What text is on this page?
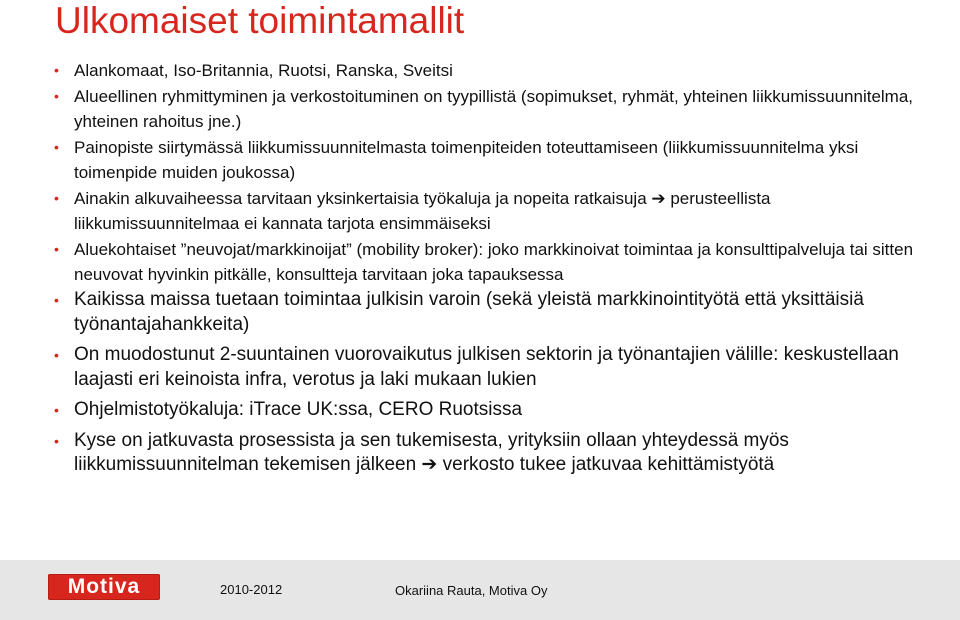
Ulkomaiset toimintamallit
• Alankomaat, Iso-Britannia, Ruotsi, Ranska, Sveitsi
• Alueellinen ryhmittyminen ja verkostoituminen on tyypillistä (sopimukset, ryhmät, yhteinen liikkumissuunnitelma, yhteinen rahoitus jne.)
• Painopiste siirtymässä liikkumissuunnitelmasta toimenpiteiden toteuttamiseen (liikkumissuunnitelma yksi toimenpide muiden joukossa)
• Ainakin alkuvaiheessa tarvitaan yksinkertaisia työkaluja ja nopeita ratkaisuja ➔ perusteellista liikkumissuunnitelmaa ei kannata tarjota ensimmäiseksi
• Aluekohtaiset ”neuvojat/markkinoijat” (mobility broker): joko markkinoivat toimintaa ja konsulttipalveluja tai sitten neuvovat hyvinkin pitkälle, konsultteja tarvitaan joka tapauksessa
• Kaikissa maissa tuetaan toimintaa julkisin varoin (sekä yleistä markkinointityötä että yksittäisiä työnantajahankkeita)
• On muodostunut 2-suuntainen vuorovaikutus julkisen sektorin ja työnantajien välille: keskustellaan laajasti eri keinoista infra, verotus ja laki mukaan lukien
• Ohjelmistotyökaluja: iTrace UK:ssa, CERO Ruotsissa
• Kyse on jatkuvasta prosessista ja sen tukemisesta, yrityksiin ollaan yhteydessä myös liikkumissuunnitelman tekemisen jälkeen ➔ verkosto tukee jatkuvaa kehittämistyötä
Motiva	2010-2012	Okariina Rauta, Motiva Oy
